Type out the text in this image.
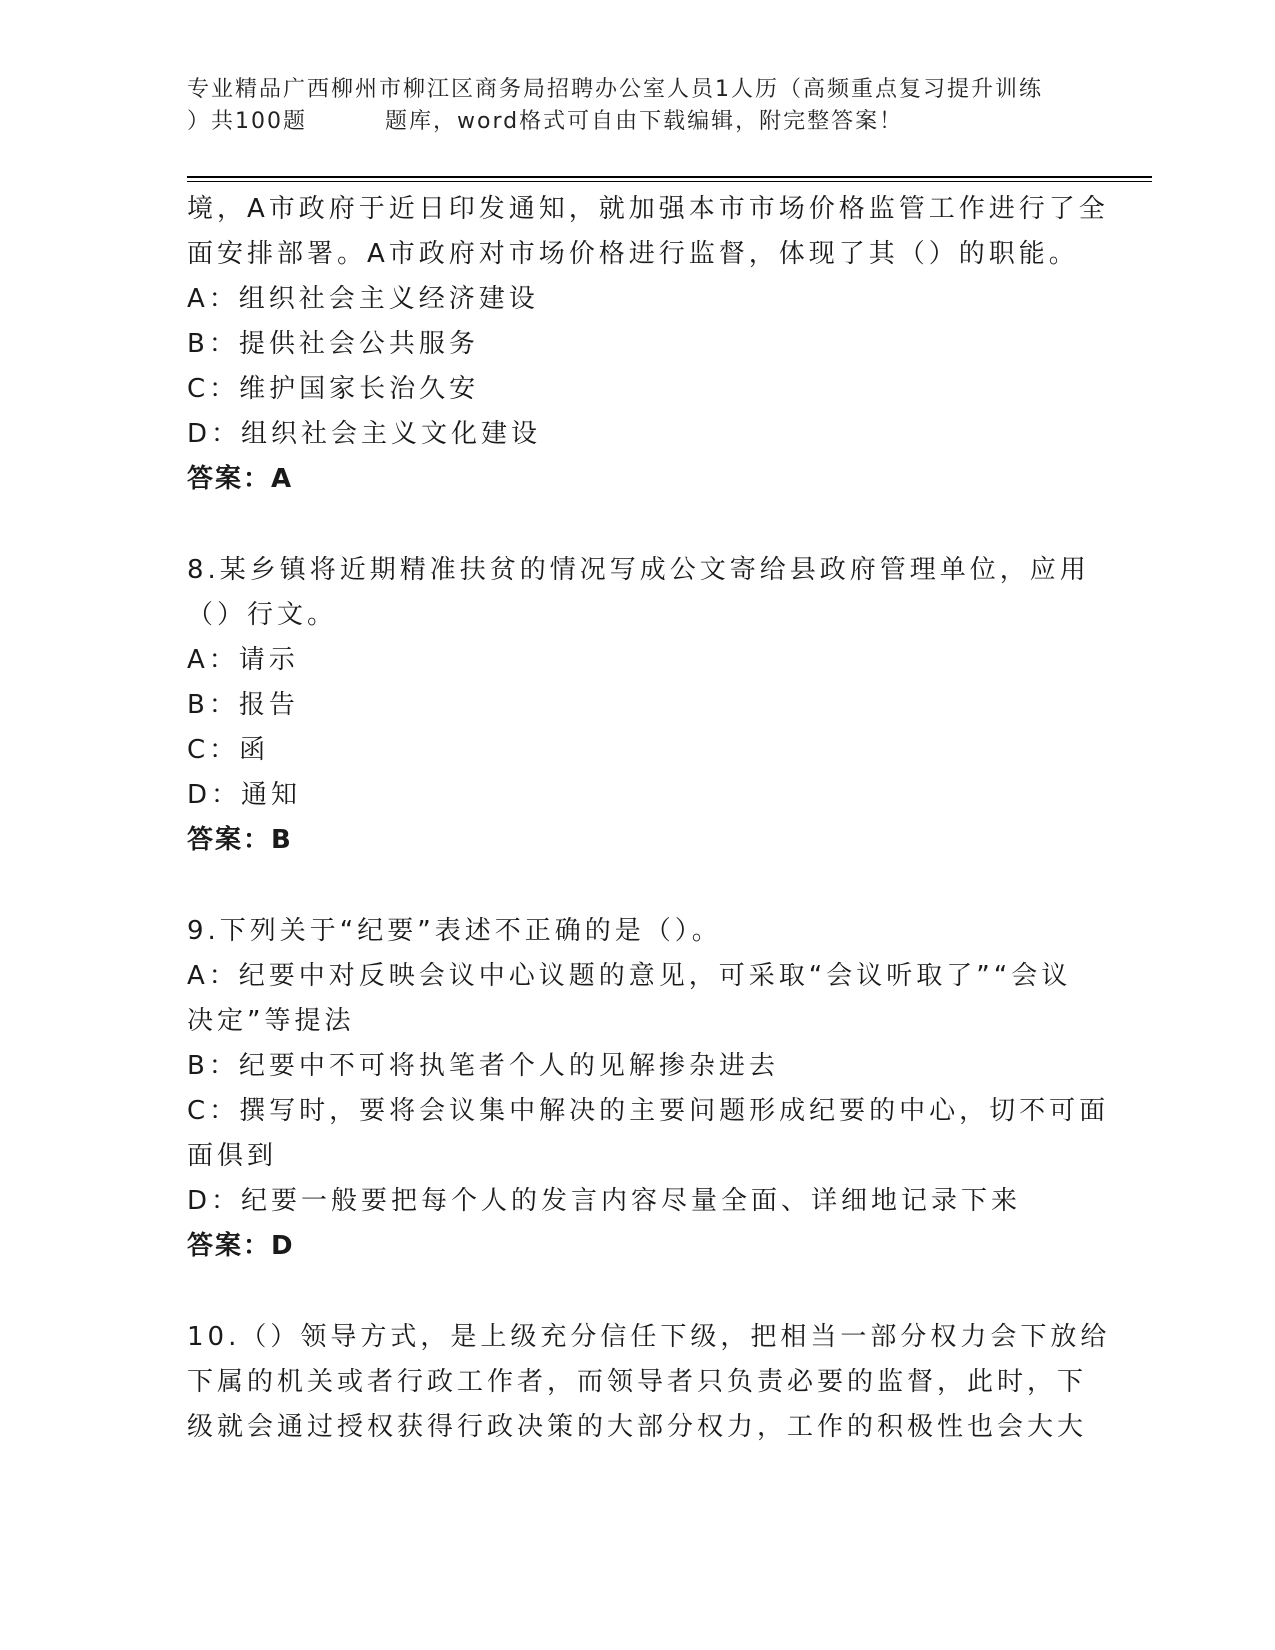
专业精品广西柳州市柳江区商务局招聘办公室人员1人历（高频重点复习提升训练
）共100题	题库，word格式可自由下载编辑，附完整答案！
境，A市政府于近日印发通知，就加强本市市场价格监管工作进行了全
面安排部署。A市政府对市场价格进行监督，体现了其（）的职能。
A：组织社会主义经济建设
B：提供社会公共服务
C：维护国家长治久安
D：组织社会主义文化建设
答案：A
8.某乡镇将近期精准扶贫的情况写成公文寄给县政府管理单位，应用
（）行文。
A：请示
B：报告
C：函
D：通知
答案：B
9.下列关于“纪要”表述不正确的是（）。
A：纪要中对反映会议中心议题的意见，可采取“会议听取了”“会议
决定”等提法
B：纪要中不可将执笔者个人的见解掺杂进去
C：撰写时，要将会议集中解决的主要问题形成纪要的中心，切不可面
面俱到
D：纪要一般要把每个人的发言内容尽量全面、详细地记录下来
答案：D
10.（）领导方式，是上级充分信任下级，把相当一部分权力会下放给
下属的机关或者行政工作者，而领导者只负责必要的监督，此时，下
级就会通过授权获得行政决策的大部分权力，工作的积极性也会大大
